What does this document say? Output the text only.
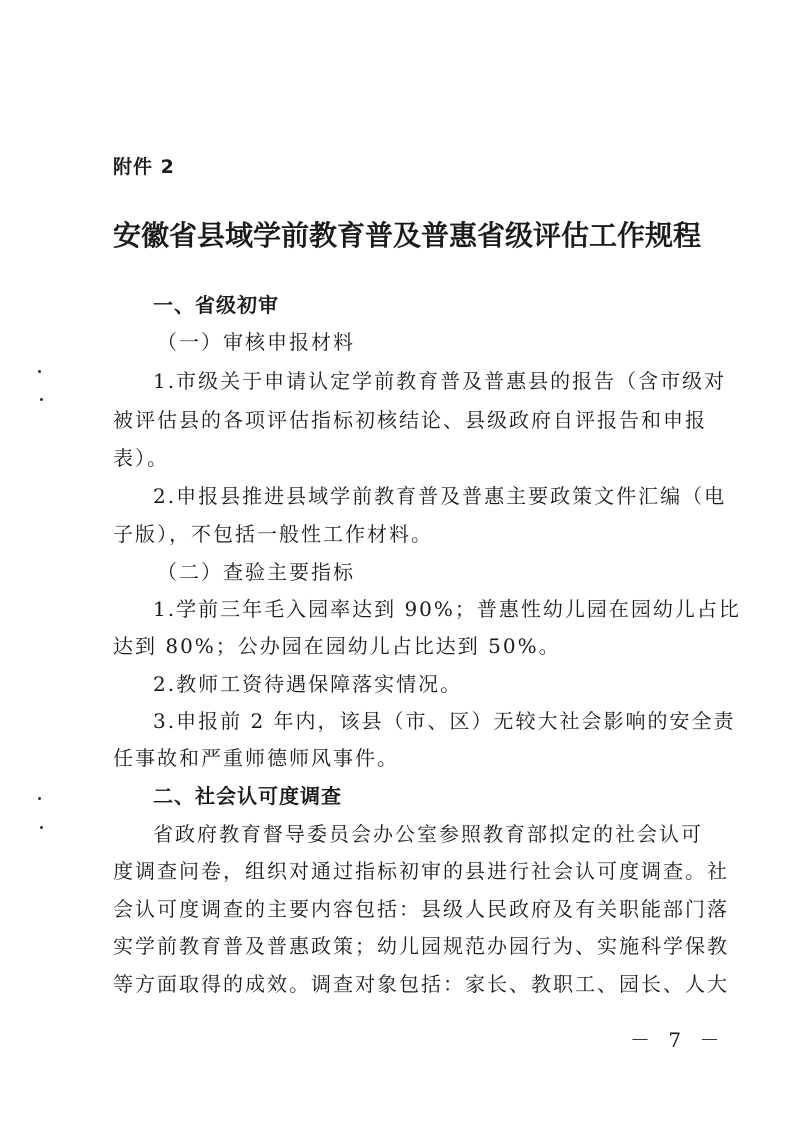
附件 2
安徽省县域学前教育普及普惠省级评估工作规程
一、省级初审
（一）审核申报材料
1.市级关于申请认定学前教育普及普惠县的报告（含市级对
被评估县的各项评估指标初核结论、县级政府自评报告和申报
表）。
2.申报县推进县域学前教育普及普惠主要政策文件汇编（电
子版），不包括一般性工作材料。
（二）查验主要指标
1.学前三年毛入园率达到 90%；普惠性幼儿园在园幼儿占比
达到 80%；公办园在园幼儿占比达到 50%。
2.教师工资待遇保障落实情况。
3.申报前 2 年内，该县（市、区）无较大社会影响的安全责
任事故和严重师德师风事件。
二、社会认可度调查
省政府教育督导委员会办公室参照教育部拟定的社会认可
度调查问卷，组织对通过指标初审的县进行社会认可度调查。社
会认可度调查的主要内容包括：县级人民政府及有关职能部门落
实学前教育普及普惠政策；幼儿园规范办园行为、实施科学保教
等方面取得的成效。调查对象包括：家长、教职工、园长、人大
－ 7 －
